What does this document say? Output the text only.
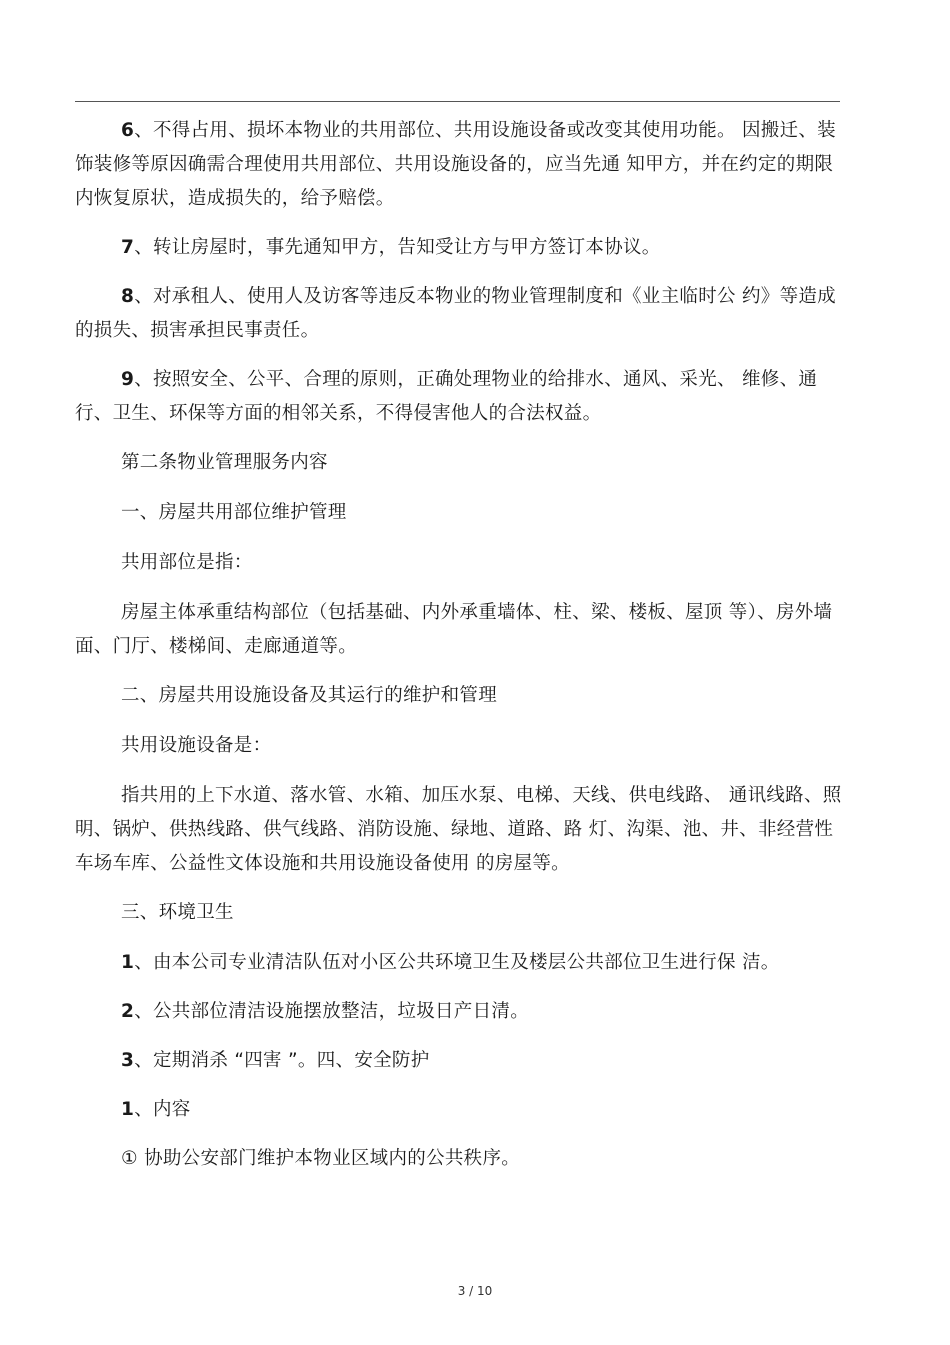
6、不得占用、损坏本物业的共用部位、共用设施设备或改变其使用功能。 因搬迁、装饰装修等原因确需合理使用共用部位、共用设施设备的，应当先通 知甲方，并在约定的期限内恢复原状，造成损失的，给予赔偿。

7、转让房屋时，事先通知甲方，告知受让方与甲方签订本协议。

8、对承租人、使用人及访客等违反本物业的物业管理制度和《业主临时公 约》等造成的损失、损害承担民事责任。

9、按照安全、公平、合理的原则，正确处理物业的给排水、通风、采光、 维修、通行、卫生、环保等方面的相邻关系，不得侵害他人的合法权益。

第二条物业管理服务内容

一、房屋共用部位维护管理

共用部位是指：

房屋主体承重结构部位（包括基础、内外承重墙体、柱、梁、楼板、屋顶 等）、房外墙面、门厅、楼梯间、走廊通道等。

二、房屋共用设施设备及其运行的维护和管理

共用设施设备是：

指共用的上下水道、落水管、水箱、加压水泵、电梯、天线、供电线路、 通讯线路、照明、锅炉、供热线路、供气线路、消防设施、绿地、道路、路 灯、沟渠、池、井、非经营性车场车库、公益性文体设施和共用设施设备使用 的房屋等。

三、环境卫生

1、由本公司专业清洁队伍对小区公共环境卫生及楼层公共部位卫生进行保 洁。

2、公共部位清洁设施摆放整洁，垃圾日产日清。

3、定期消杀 “四害 ”。四、安全防护

1、内容

① 协助公安部门维护本物业区域内的公共秩序。

3 / 10
